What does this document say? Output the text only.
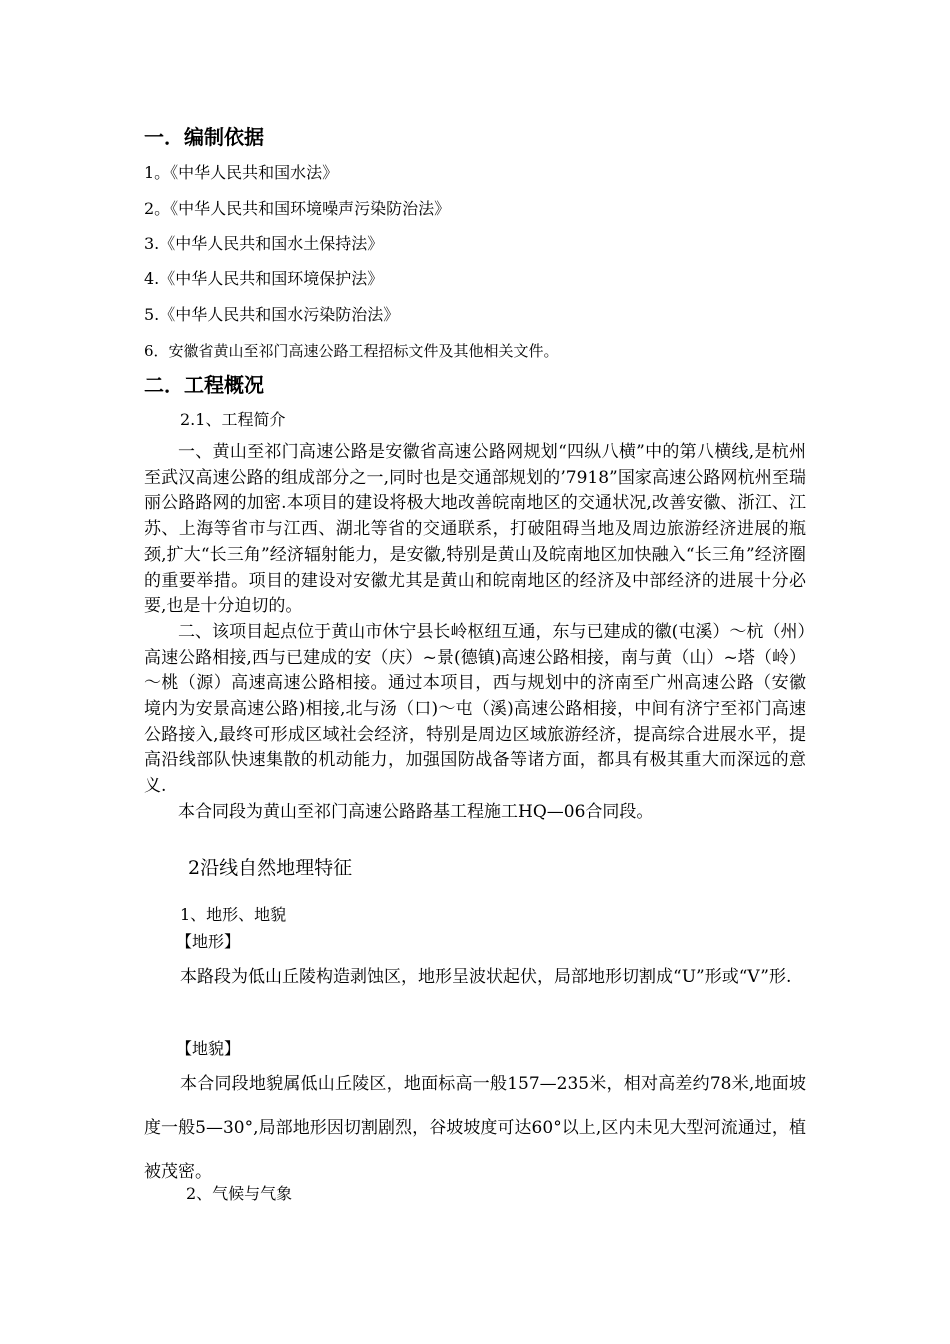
一．编制依据
1。《中华人民共和国水法》
2。《中华人民共和国环境噪声污染防治法》
3.《中华人民共和国水土保持法》
4.《中华人民共和国环境保护法》
5.《中华人民共和国水污染防治法》
6．安徽省黄山至祁门高速公路工程招标文件及其他相关文件。
二．工程概况
2.1、工程简介

一、黄山至祁门高速公路是安徽省高速公路网规划“四纵八横”中的第八横线,是杭州至武汉高速公路的组成部分之一,同时也是交通部规划的’7918”国家高速公路网杭州至瑞丽公路路网的加密.本项目的建设将极大地改善皖南地区的交通状况,改善安徽、浙江、江苏、上海等省市与江西、湖北等省的交通联系，打破阻碍当地及周边旅游经济进展的瓶颈,扩大“长三角”经济辐射能力，是安徽,特别是黄山及皖南地区加快融入“长三角”经济圈的重要举措。项目的建设对安徽尤其是黄山和皖南地区的经济及中部经济的进展十分必要,也是十分迫切的。

二、该项目起点位于黄山市休宁县长岭枢纽互通，东与已建成的徽(屯溪）～杭（州）高速公路相接,西与已建成的安（庆）~景(德镇)高速公路相接，南与黄（山）~塔（岭）～桃（源）高速高速公路相接。通过本项目，西与规划中的济南至广州高速公路（安徽境内为安景高速公路)相接,北与汤（口)～屯（溪)高速公路相接，中间有济宁至祁门高速公路接入,最终可形成区域社会经济，特别是周边区域旅游经济，提高综合进展水平，提高沿线部队快速集散的机动能力，加强国防战备等诸方面，都具有极其重大而深远的意义.

本合同段为黄山至祁门高速公路路基工程施工HQ—06合同段。

2沿线自然地理特征
1、地形、地貌
【地形】

本路段为低山丘陵构造剥蚀区，地形呈波状起伏，局部地形切割成“U”形或“V”形.

【地貌】

本合同段地貌属低山丘陵区，地面标高一般157—235米，相对高差约78米,地面坡度一般5—30°,局部地形因切割剧烈，谷坡坡度可达60°以上,区内未见大型河流通过，植被茂密。

2、气候与气象
